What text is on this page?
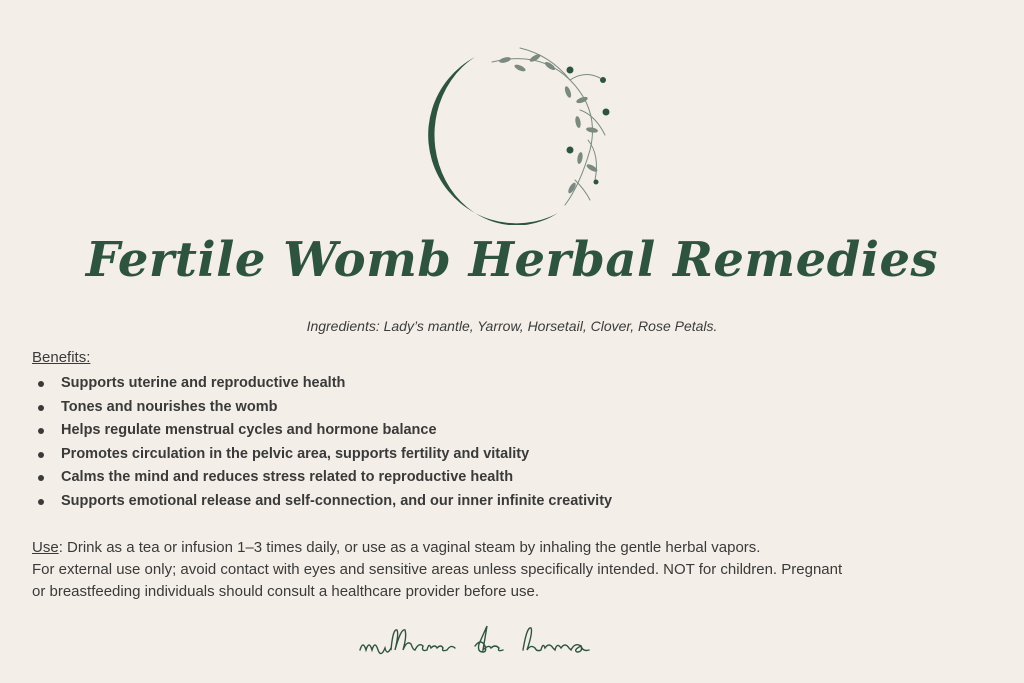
Fertile Womb Herbal Remedies
Ingredients: Lady’s mantle, Yarrow, Horsetail, Clover, Rose Petals.
Benefits:
Supports uterine and reproductive health
Tones and nourishes the womb
Helps regulate menstrual cycles and hormone balance
Promotes circulation in the pelvic area, supports fertility and vitality
Calms the mind and reduces stress related to reproductive health
Supports emotional release and self-connection, and our inner infinite creativity
Use: Drink as a tea or infusion 1–3 times daily, or use as a vaginal steam by inhaling the gentle herbal vapors.
For external use only; avoid contact with eyes and sensitive areas unless specifically intended. NOT for children. Pregnant
or breastfeeding individuals should consult a healthcare provider before use.
